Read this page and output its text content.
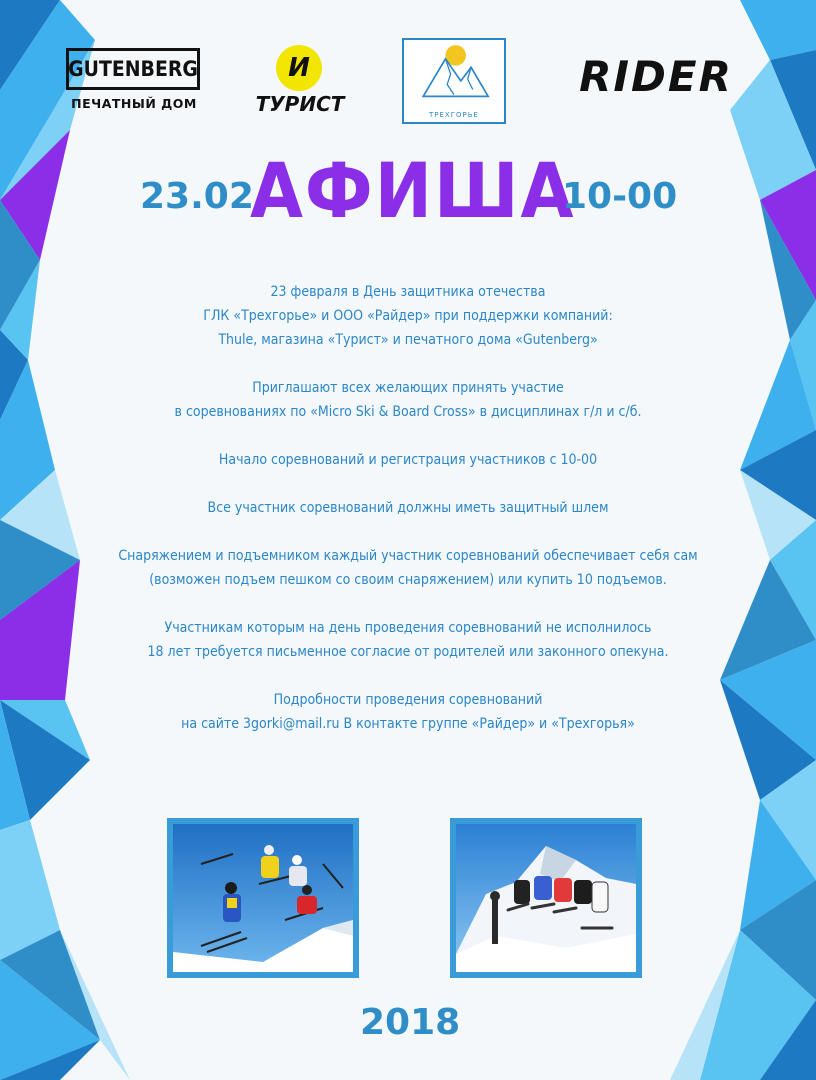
GUTENBERG
ПЕЧАТНЫЙ ДОМ
И
ТУРИСТ	ТРЕХГОРЬЕ
RIDER
23.02.
АФИША
10-00

23 февраля в День защитника отечества
ГЛК «Трехгорье» и ООО «Райдер» при поддержки компаний:
Thule, магазина «Турист» и печатного дома «Gutenberg»

Приглашают всех желающих принять участие
в соревнованиях по «Micro Ski & Board Cross» в дисциплинах г/л и с/б.

Начало соревнований и регистрация участников с 10-00

Все участник соревнований должны иметь защитный шлем

Снаряжением и подъемником каждый участник соревнований обеспечивает себя сам
(возможен подъем пешком со своим снаряжением) или купить 10 подъемов.

Участникам которым на день проведения соревнований не исполнилось
18 лет требуется письменное согласие от родителей или законного опекуна.

Подробности проведения соревнований
на сайте 3gorki@mail.ru В контакте группе «Райдер» и «Трехгорья»

2018
